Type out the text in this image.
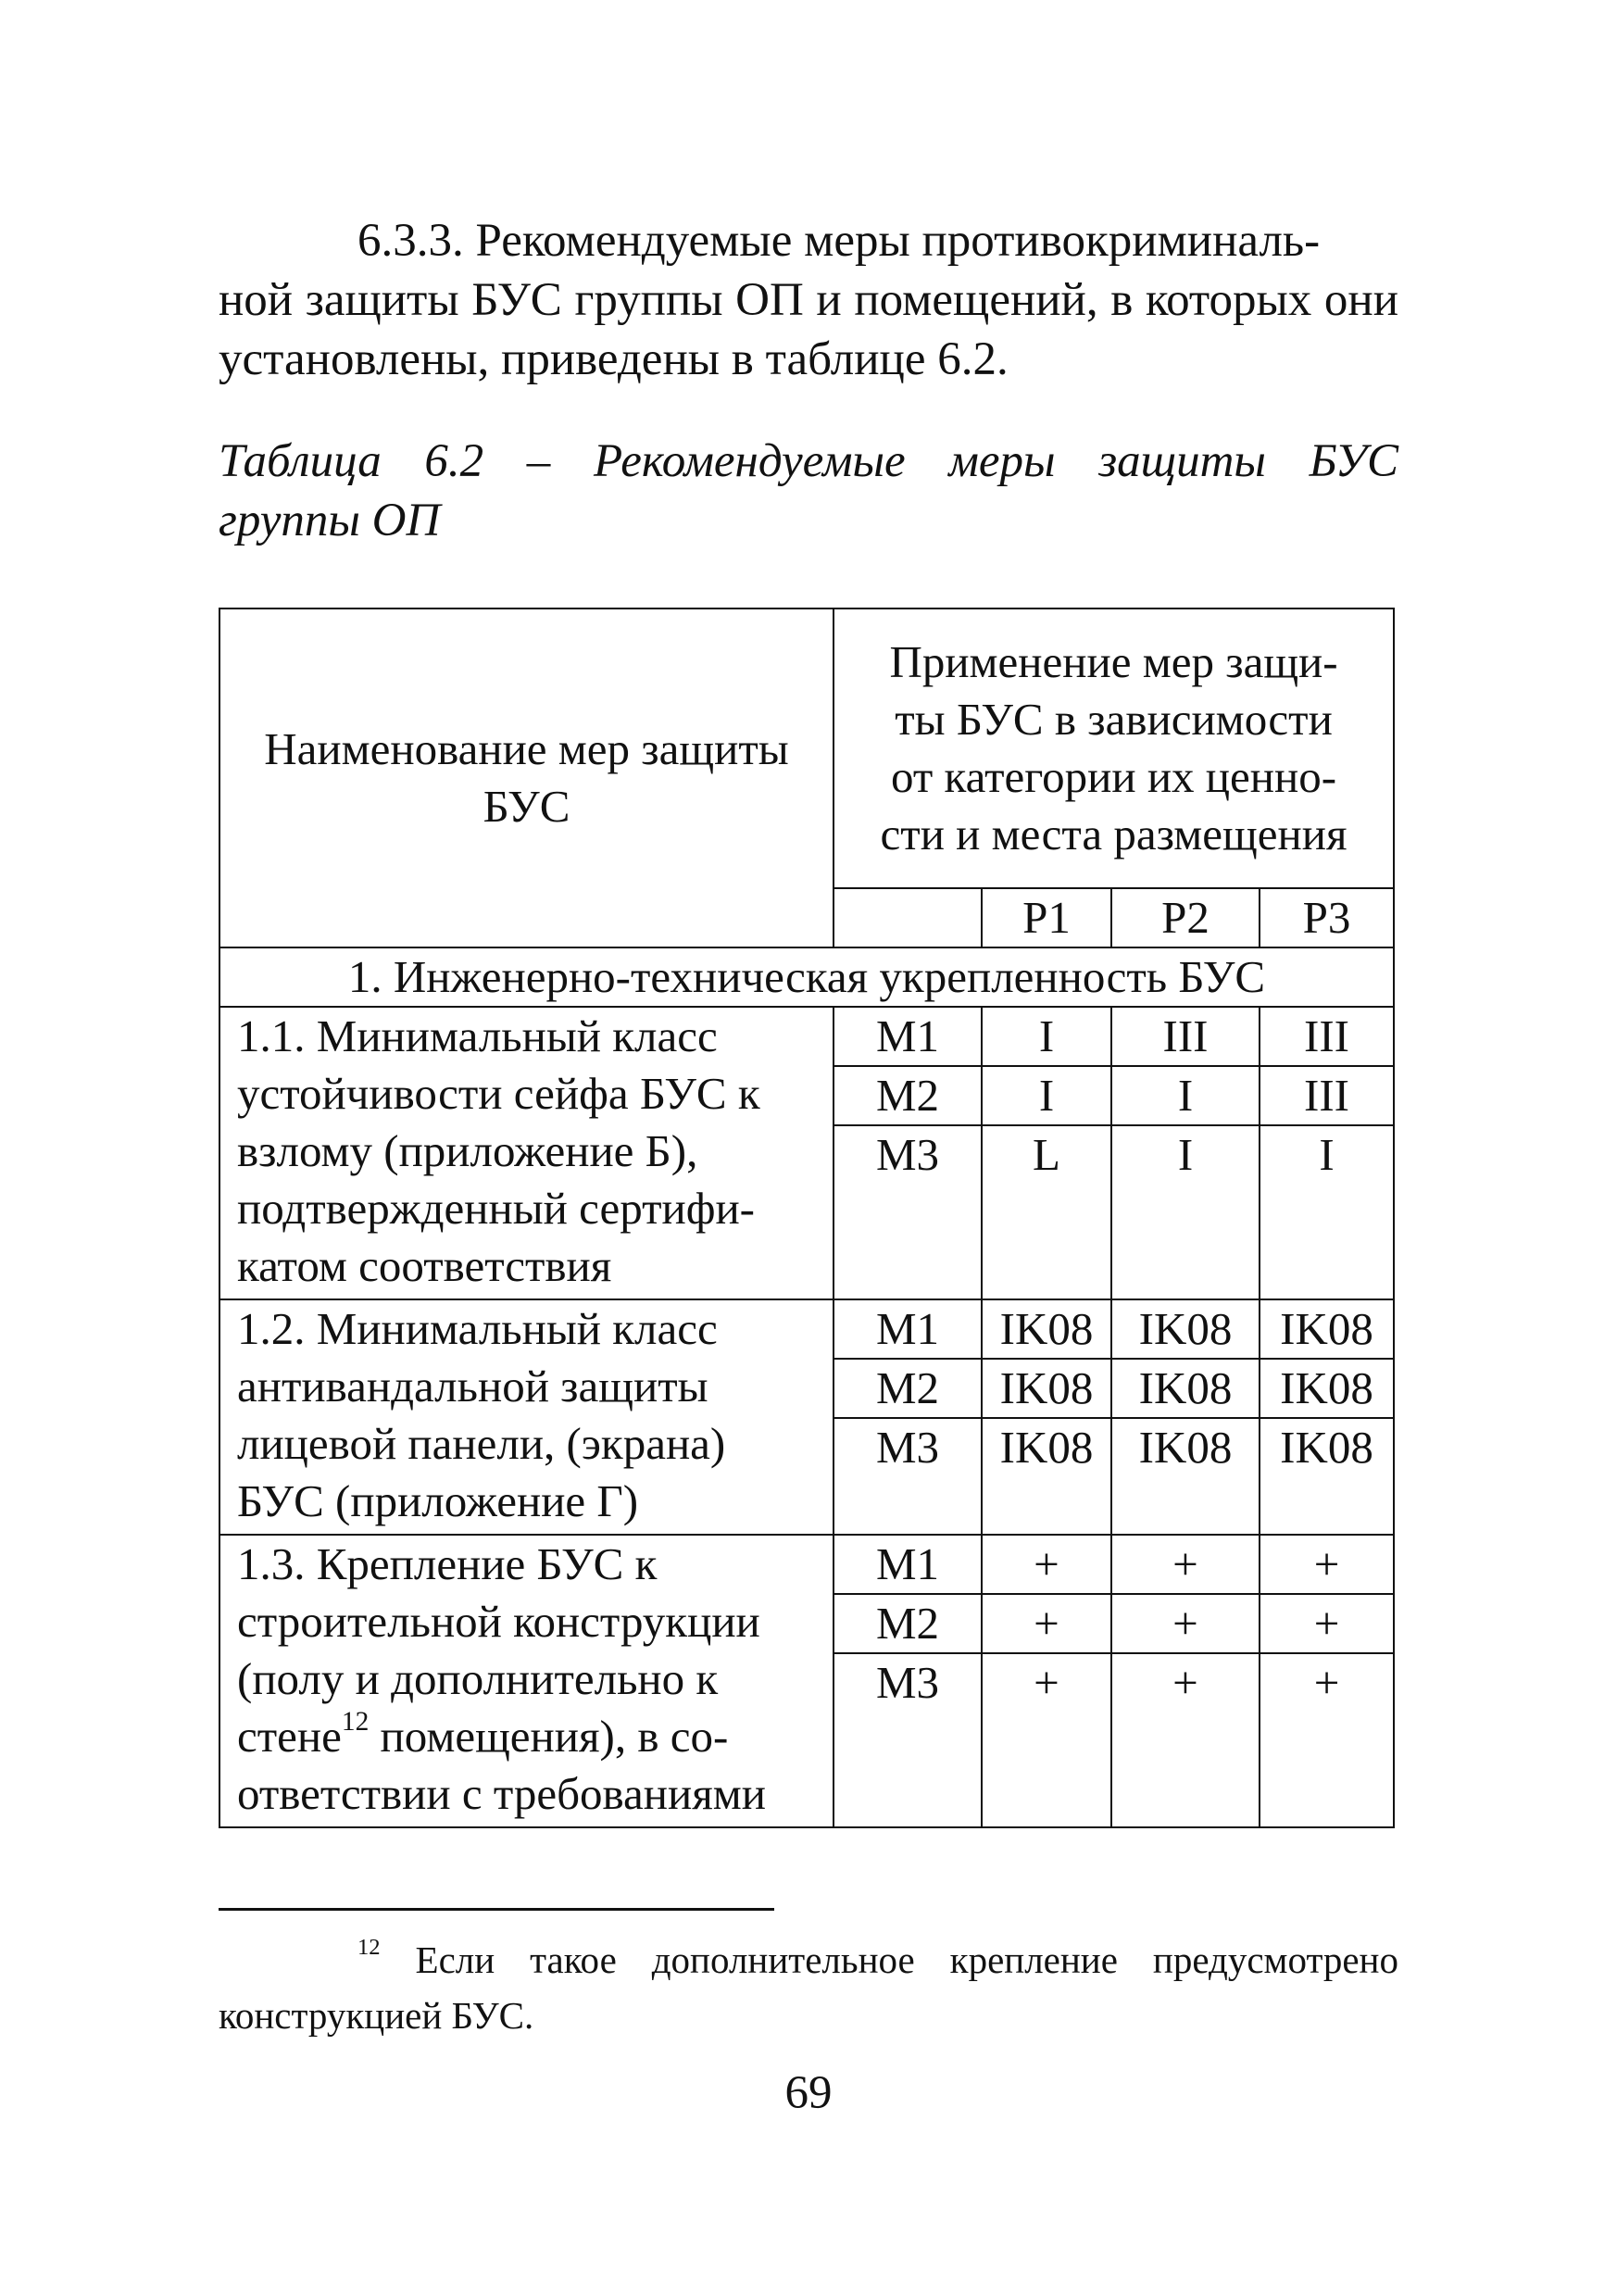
6.3.3. Рекомендуемые меры противокриминаль-
ной защиты БУС группы ОП и помещений, в которых они установлены, приведены в таблице 6.2.

Таблица 6.2 – Рекомендуемые меры защиты БУС
группы ОП

Наименование мер защиты БУС	Применение мер защи-
ты БУС в зависимости
от категории их ценно-
сти и места размещения			
		Р1	Р2	Р3
1. Инженерно-техническая укрепленность БУС				
1.1. Минимальный класс
устойчивости сейфа БУС к
взлому (приложение Б),
подтвержденный сертифи-
катом соответствия	М1	I	III	III
	М2	I	I	III
	М3	L	I	I
1.2. Минимальный класс
антивандальной защиты
лицевой панели, (экрана)
БУС (приложение Г)	М1	IK08	IK08	IK08
	М2	IK08	IK08	IK08
	М3	IK08	IK08	IK08
1.3. Крепление БУС к
строительной конструкции
(полу и дополнительно к
стене$^{12}$ помещения), в со-
ответствии с требованиями	М1	+	+	+
	М2	+	+	+
	М3	+	+	+

$^{12}$ Если такое дополнительное крепление предусмотрено
конструкцией БУС.

69
